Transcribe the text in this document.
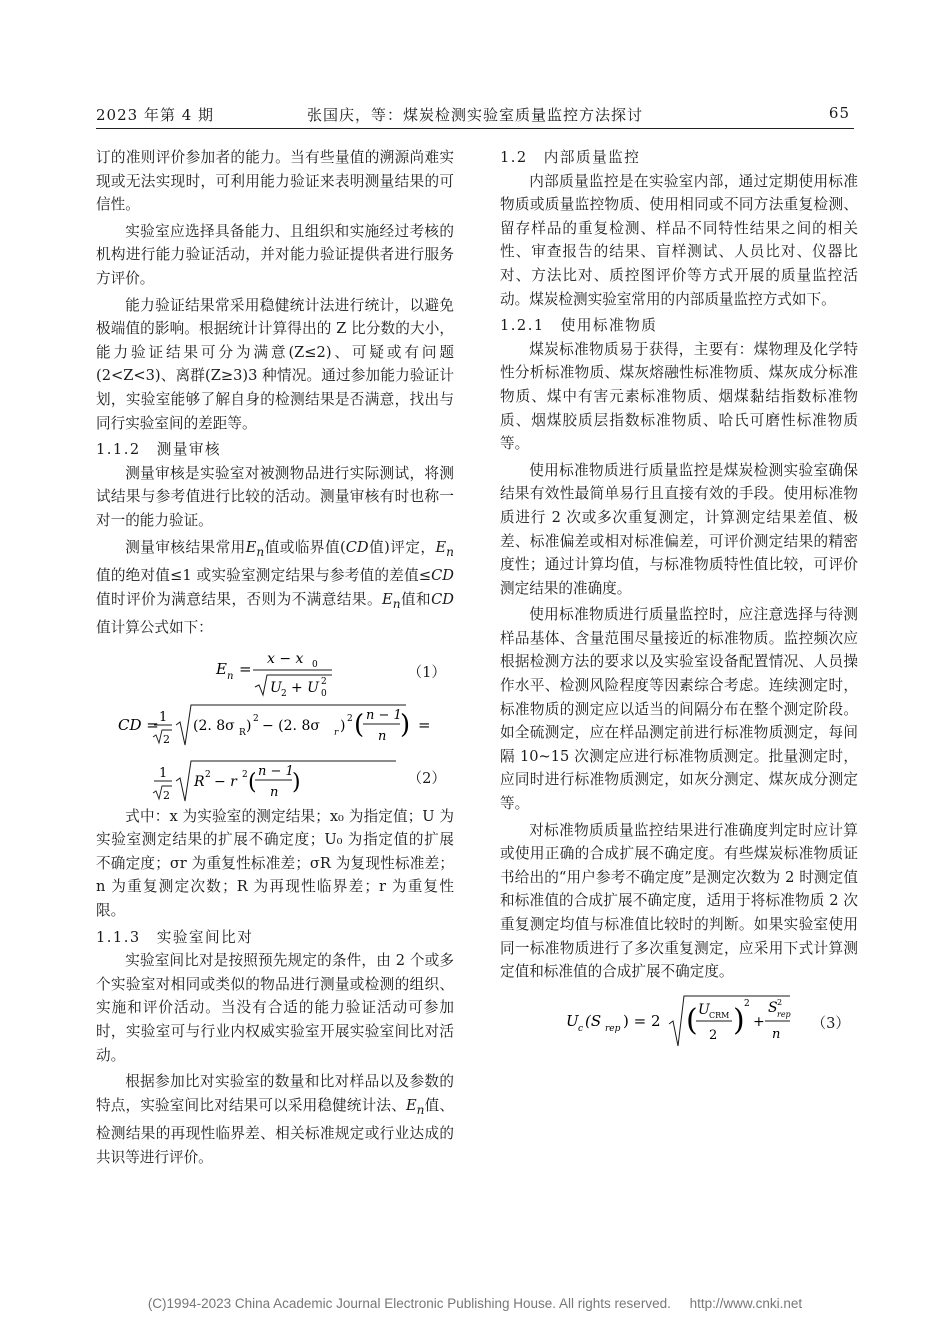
2023 年第 4 期	张国庆，等：煤炭检测实验室质量监控方法探讨	65

订的准则评价参加者的能力。当有些量值的溯源尚难实现或无法实现时，可利用能力验证来表明测量结果的可信性。

实验室应选择具备能力、且组织和实施经过考核的机构进行能力验证活动，并对能力验证提供者进行服务方评价。

能力验证结果常采用稳健统计法进行统计，以避免极端值的影响。根据统计计算得出的 Z 比分数的大小，能力验证结果可分为满意(Z≤2)、可疑或有问题(2<Z<3)、离群(Z≥3)3 种情况。通过参加能力验证计划，实验室能够了解自身的检测结果是否满意，找出与同行实验室间的差距等。

1.1.2　测量审核

测量审核是实验室对被测物品进行实际测试，将测试结果与参考值进行比较的活动。测量审核有时也称一对一的能力验证。

测量审核结果常用$E_n$值或临界值(CD值)评定，$E_n$值的绝对值≤1 或实验室测定结果与参考值的差值≤CD值时评价为满意结果，否则为不满意结果。$E_n$值和CD值计算公式如下：

E n =
x − x 0
U 2 + U 0
2
（1）
CD = 1
2
(2. 8σ R ) 2 − (2. 8σ r ) 2 ( n − 1
n ) =
1
2
R 2 − r 2 ( n − 1
n )	（2）

式中：x 为实验室的测定结果；x₀ 为指定值；U 为实验室测定结果的扩展不确定度；U₀ 为指定值的扩展不确定度；σr 为重复性标准差；σR 为复现性标准差；n 为重复测定次数；R 为再现性临界差；r 为重复性限。

1.1.3　实验室间比对

实验室间比对是按照预先规定的条件，由 2 个或多个实验室对相同或类似的物品进行测量或检测的组织、实施和评价活动。当没有合适的能力验证活动可参加时，实验室可与行业内权威实验室开展实验室间比对活动。

根据参加比对实验室的数量和比对样品以及参数的特点，实验室间比对结果可以采用稳健统计法、$E_n$值、检测结果的再现性临界差、相关标准规定或行业达成的共识等进行评价。

1.2　内部质量监控

内部质量监控是在实验室内部，通过定期使用标准物质或质量监控物质、使用相同或不同方法重复检测、留存样品的重复检测、样品不同特性结果之间的相关性、审查报告的结果、盲样测试、人员比对、仪器比对、方法比对、质控图评价等方式开展的质量监控活动。煤炭检测实验室常用的内部质量监控方式如下。

1.2.1　使用标准物质

煤炭标准物质易于获得，主要有：煤物理及化学特性分析标准物质、煤灰熔融性标准物质、煤灰成分标准物质、煤中有害元素标准物质、烟煤黏结指数标准物质、烟煤胶质层指数标准物质、哈氏可磨性标准物质等。

使用标准物质进行质量监控是煤炭检测实验室确保结果有效性最简单易行且直接有效的手段。使用标准物质进行 2 次或多次重复测定，计算测定结果差值、极差、标准偏差或相对标准偏差，可评价测定结果的精密度性；通过计算均值，与标准物质特性值比较，可评价测定结果的准确度。

使用标准物质进行质量监控时，应注意选择与待测样品基体、含量范围尽量接近的标准物质。监控频次应根据检测方法的要求以及实验室设备配置情况、人员操作水平、检测风险程度等因素综合考虑。连续测定时，标准物质的测定应以适当的间隔分布在整个测定阶段。如全硫测定，应在样品测定前进行标准物质测定，每间隔 10~15 次测定应进行标准物质测定。批量测定时，应同时进行标准物质测定，如灰分测定、煤灰成分测定等。

对标准物质质量监控结果进行准确度判定时应计算或使用正确的合成扩展不确定度。有些煤炭标准物质证书给出的“用户参考不确定度”是测定次数为 2 时测定值和标准值的合成扩展不确定度，适用于将标准物质 2 次重复测定均值与标准值比较时的判断。如果实验室使用同一标准物质进行了多次重复测定，应采用下式计算测定值和标准值的合成扩展不确定度。

U c (S rep ) = 2 ( U CRM
2 ) 2
+
S 2
rep
n
（3）
(C)1994-2023 China Academic Journal Electronic Publishing House. All rights reserved. http://www.cnki.net
